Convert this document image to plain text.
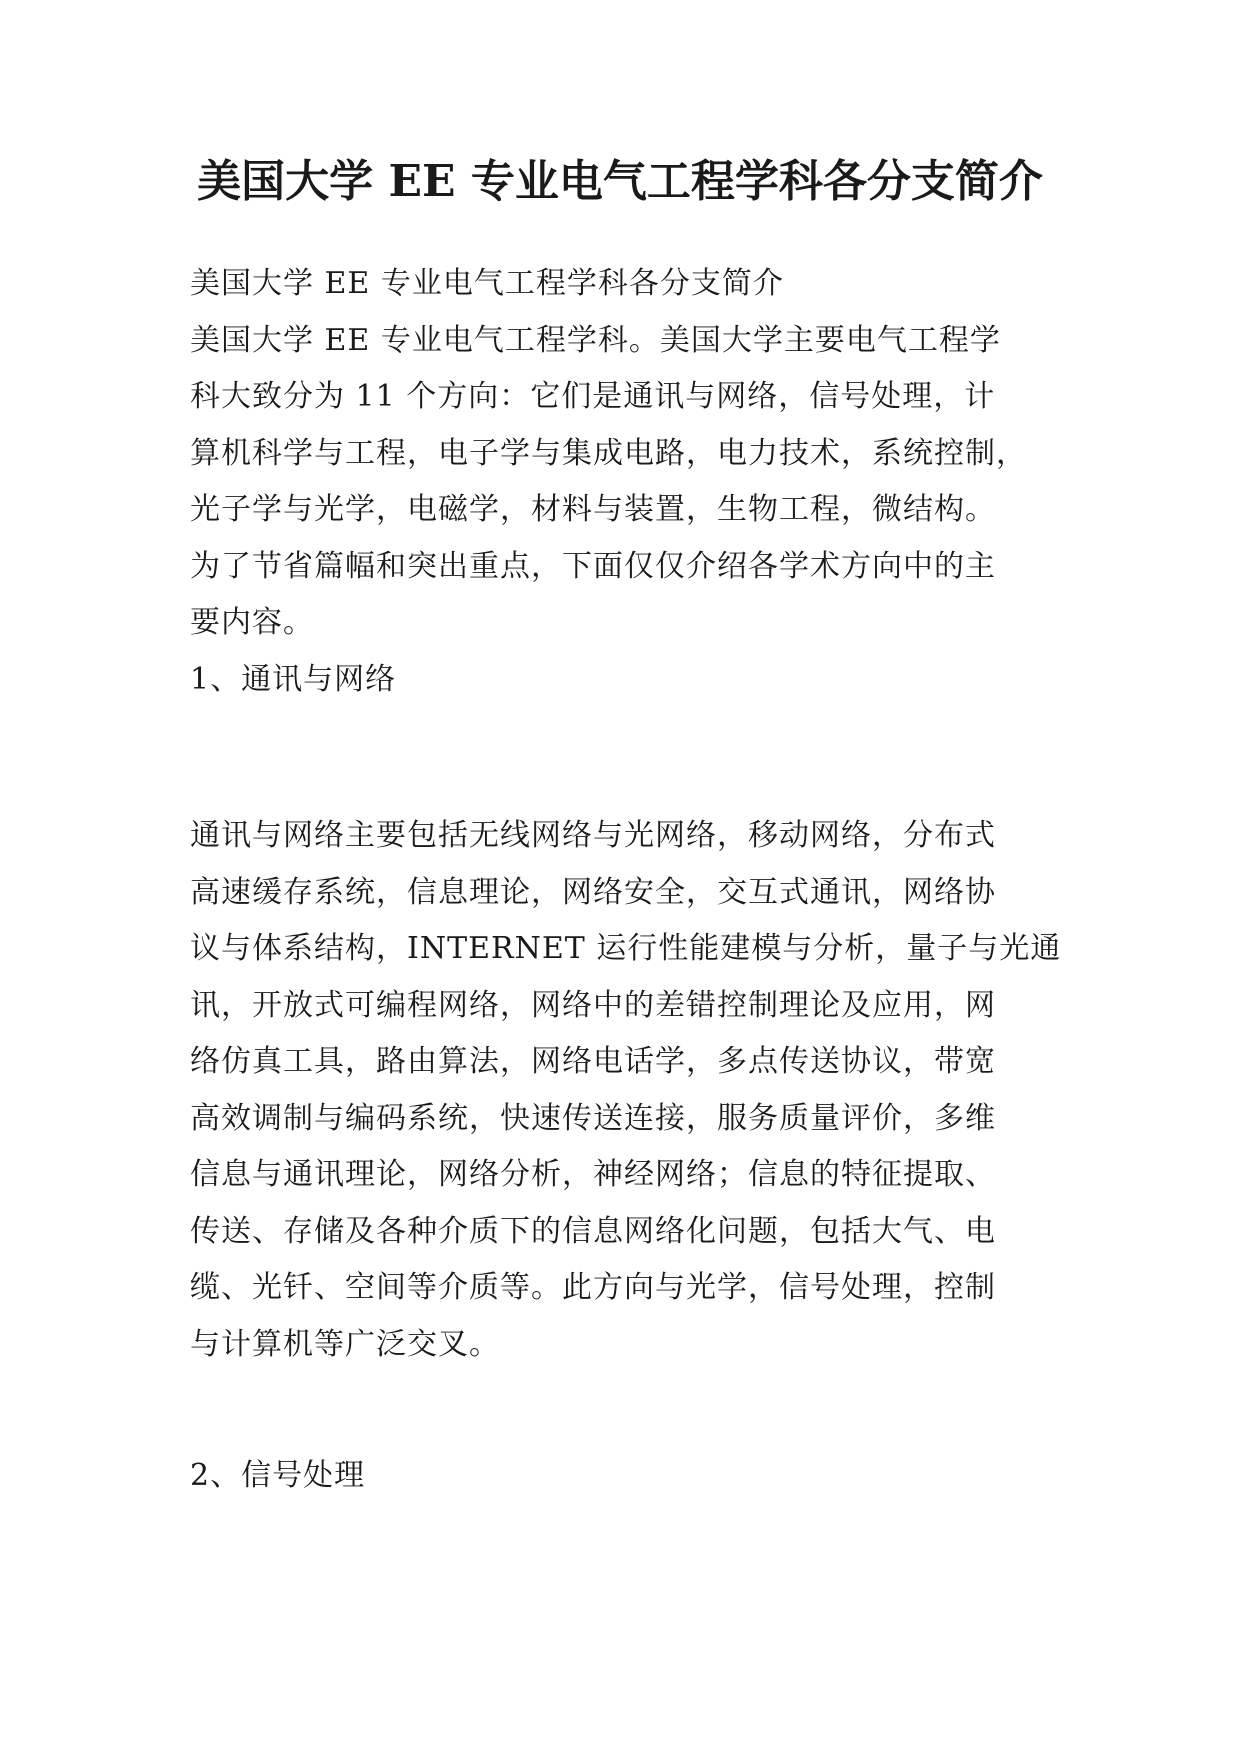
美国大学 EE 专业电气工程学科各分支简介

美国大学 EE 专业电气工程学科各分支简介

美国大学 EE 专业电气工程学科。美国大学主要电气工程学
科大致分为 11 个方向：它们是通讯与网络，信号处理，计
算机科学与工程，电子学与集成电路，电力技术，系统控制，
光子学与光学，电磁学，材料与装置，生物工程，微结构。
为了节省篇幅和突出重点，下面仅仅介绍各学术方向中的主
要内容。

1、通讯与网络

通讯与网络主要包括无线网络与光网络，移动网络，分布式
高速缓存系统，信息理论，网络安全，交互式通讯，网络协
议与体系结构，INTERNET 运行性能建模与分析，量子与光通
讯，开放式可编程网络，网络中的差错控制理论及应用，网
络仿真工具，路由算法，网络电话学，多点传送协议，带宽
高效调制与编码系统，快速传送连接，服务质量评价，多维
信息与通讯理论，网络分析，神经网络；信息的特征提取、
传送、存储及各种介质下的信息网络化问题，包括大气、电
缆、光钎、空间等介质等。此方向与光学，信号处理，控制
与计算机等广泛交叉。

2、信号处理
